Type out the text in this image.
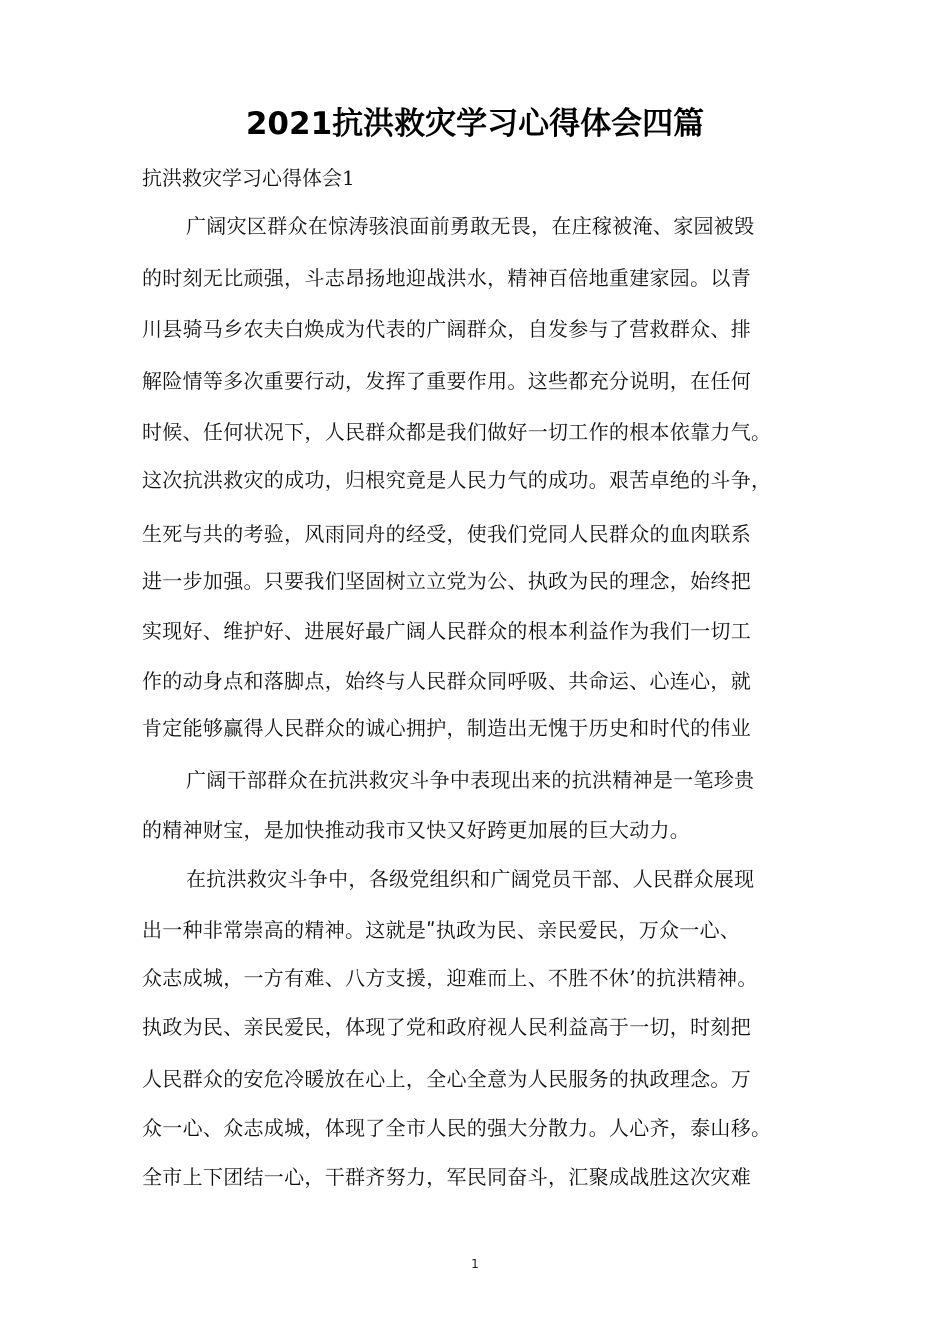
2021抗洪救灾学习心得体会四篇
抗洪救灾学习心得体会1
广阔灾区群众在惊涛骇浪面前勇敢无畏，在庄稼被淹、家园被毁
的时刻无比顽强，斗志昂扬地迎战洪水，精神百倍地重建家园。以青
川县骑马乡农夫白焕成为代表的广阔群众，自发参与了营救群众、排
解险情等多次重要行动，发挥了重要作用。这些都充分说明，在任何
时候、任何状况下，人民群众都是我们做好一切工作的根本依靠力气。
这次抗洪救灾的成功，归根究竟是人民力气的成功。艰苦卓绝的斗争，
生死与共的考验，风雨同舟的经受，使我们党同人民群众的血肉联系
进一步加强。只要我们坚固树立立党为公、执政为民的理念，始终把
实现好、维护好、进展好最广阔人民群众的根本利益作为我们一切工
作的动身点和落脚点，始终与人民群众同呼吸、共命运、心连心，就
肯定能够赢得人民群众的诚心拥护，制造出无愧于历史和时代的伟业
广阔干部群众在抗洪救灾斗争中表现出来的抗洪精神是一笔珍贵
的精神财宝，是加快推动我市又快又好跨更加展的巨大动力。
在抗洪救灾斗争中，各级党组织和广阔党员干部、人民群众展现
出一种非常崇高的精神。这就是ʺ执政为民、亲民爱民，万众一心、
众志成城，一方有难、八方支援，迎难而上、不胜不休’的抗洪精神。
执政为民、亲民爱民，体现了党和政府视人民利益高于一切，时刻把
人民群众的安危冷暖放在心上，全心全意为人民服务的执政理念。万
众一心、众志成城，体现了全市人民的强大分散力。人心齐，泰山移。
全市上下团结一心，干群齐努力，军民同奋斗，汇聚成战胜这次灾难
1
